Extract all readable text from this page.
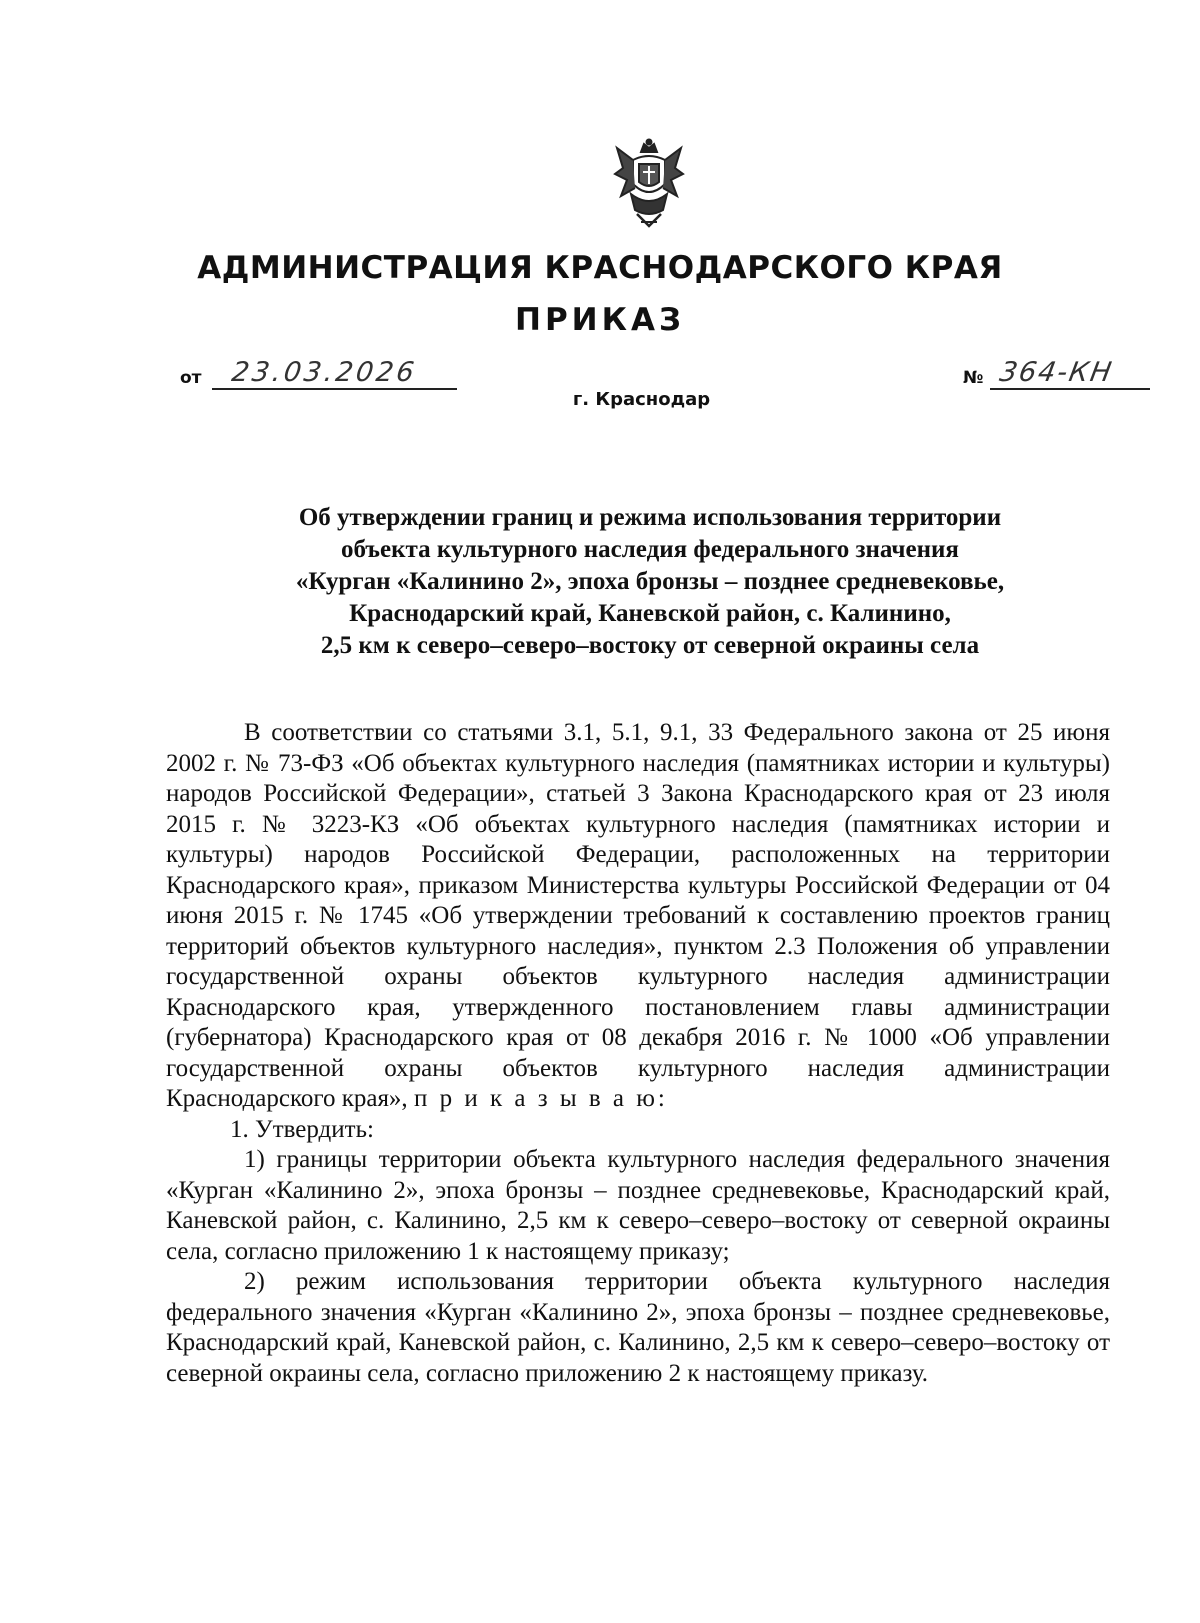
АДМИНИСТРАЦИЯ КРАСНОДАРСКОГО КРАЯ
ПРИКАЗ
от 23.03.2026	№ 364-КН
г. Краснодар
Об утверждении границ и режима использования территории
объекта культурного наследия федерального значения
«Курган «Калинино 2», эпоха бронзы – позднее средневековье,
Краснодарский край, Каневской район, с. Калинино,
2,5 км к северо–северо–востоку от северной окраины села

В соответствии со статьями 3.1, 5.1, 9.1, 33 Федерального закона от 25 июня 2002 г. № 73-ФЗ «Об объектах культурного наследия (памятниках истории и культуры) народов Российской Федерации», статьей 3 Закона Краснодарского края от 23 июля 2015 г. № 3223-КЗ «Об объектах культурного наследия (памятниках истории и культуры) народов Российской Федерации, расположенных на территории Краснодарского края», приказом Министерства культуры Российской Федерации от 04 июня 2015 г. № 1745 «Об утверждении требований к составлению проектов границ территорий объектов культурного наследия», пунктом 2.3 Положения об управлении государственной охраны объектов культурного наследия администрации Краснодарского края, утвержденного постановлением главы администрации (губернатора) Краснодарского края от 08 декабря 2016 г. № 1000 «Об управлении государственной охраны объектов культурного наследия администрации Краснодарского края», п р и к а з ы в а ю:

1. Утвердить:

1) границы территории объекта культурного наследия федерального значения «Курган «Калинино 2», эпоха бронзы – позднее средневековье, Краснодарский край, Каневской район, с. Калинино, 2,5 км к северо–северо–востоку от северной окраины села, согласно приложению 1 к настоящему приказу;

2) режим использования территории объекта культурного наследия федерального значения «Курган «Калинино 2», эпоха бронзы – позднее средневековье, Краснодарский край, Каневской район, с. Калинино, 2,5 км к северо–северо–востоку от северной окраины села, согласно приложению 2 к настоящему приказу.
